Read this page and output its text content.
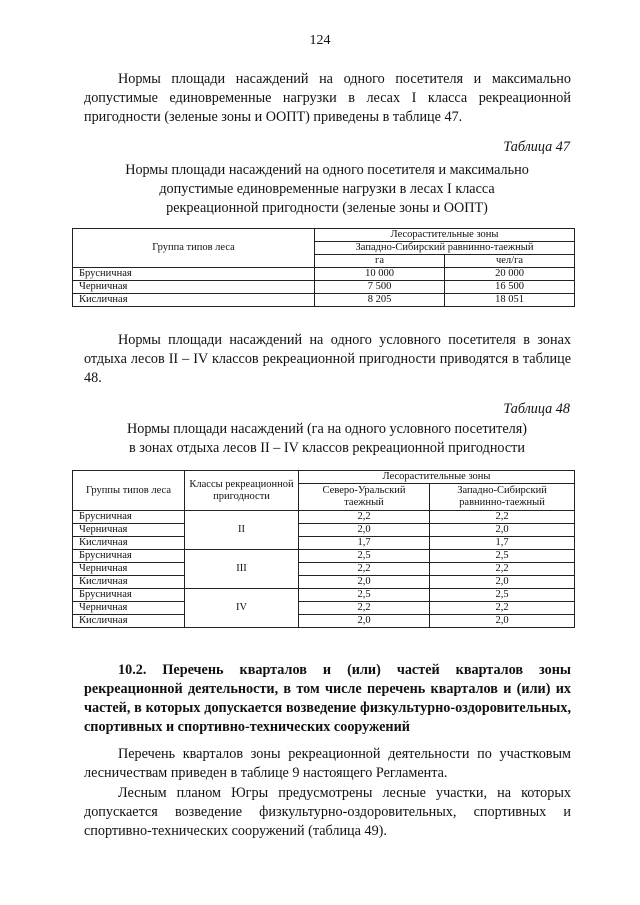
124
Нормы площади насаждений на одного посетителя и максимально допустимые единовременные нагрузки в лесах I класса рекреационной пригодности (зеленые зоны и ООПТ) приведены в таблице 47.
Таблица 47
Нормы площади насаждений на одного посетителя и максимально
допустимые единовременные нагрузки в лесах I класса
рекреационной пригодности (зеленые зоны и ООПТ)
Группа типов леса	Лесорастительные зоны	
	Западно-Сибирский равнинно-таежный	
	га	чел/га
Брусничная	10 000	20 000
Черничная	7 500	16 500
Кисличная	8 205	18 051
Нормы площади насаждений на одного условного посетителя в зонах отдыха лесов II – IV классов рекреационной пригодности приводятся в таблице 48.
Таблица 48
Нормы площади насаждений (га на одного условного посетителя)
в зонах отдыха лесов II – IV классов рекреационной пригодности
Группы типов леса	Классы рекреационной пригодности	Лесорастительные зоны	
		Северо-Уральский таежный	Западно-Сибирский равнинно-таежный
Брусничная	II	2,2	2,2
Черничная		2,0	2,0
Кисличная		1,7	1,7
Брусничная	III	2,5	2,5
Черничная		2,2	2,2
Кисличная		2,0	2,0
Брусничная	IV	2,5	2,5
Черничная		2,2	2,2
Кисличная		2,0	2,0
10.2. Перечень кварталов и (или) частей кварталов зоны рекреационной деятельности, в том числе перечень кварталов и (или) их частей, в которых допускается возведение физкультурно-оздоровительных, спортивных и спортивно-технических сооружений
Перечень кварталов зоны рекреационной деятельности по участковым лесничествам приведен в таблице 9 настоящего Регламента.
Лесным планом Югры предусмотрены лесные участки, на которых допускается возведение физкультурно-оздоровительных, спортивных и спортивно-технических сооружений (таблица 49).
